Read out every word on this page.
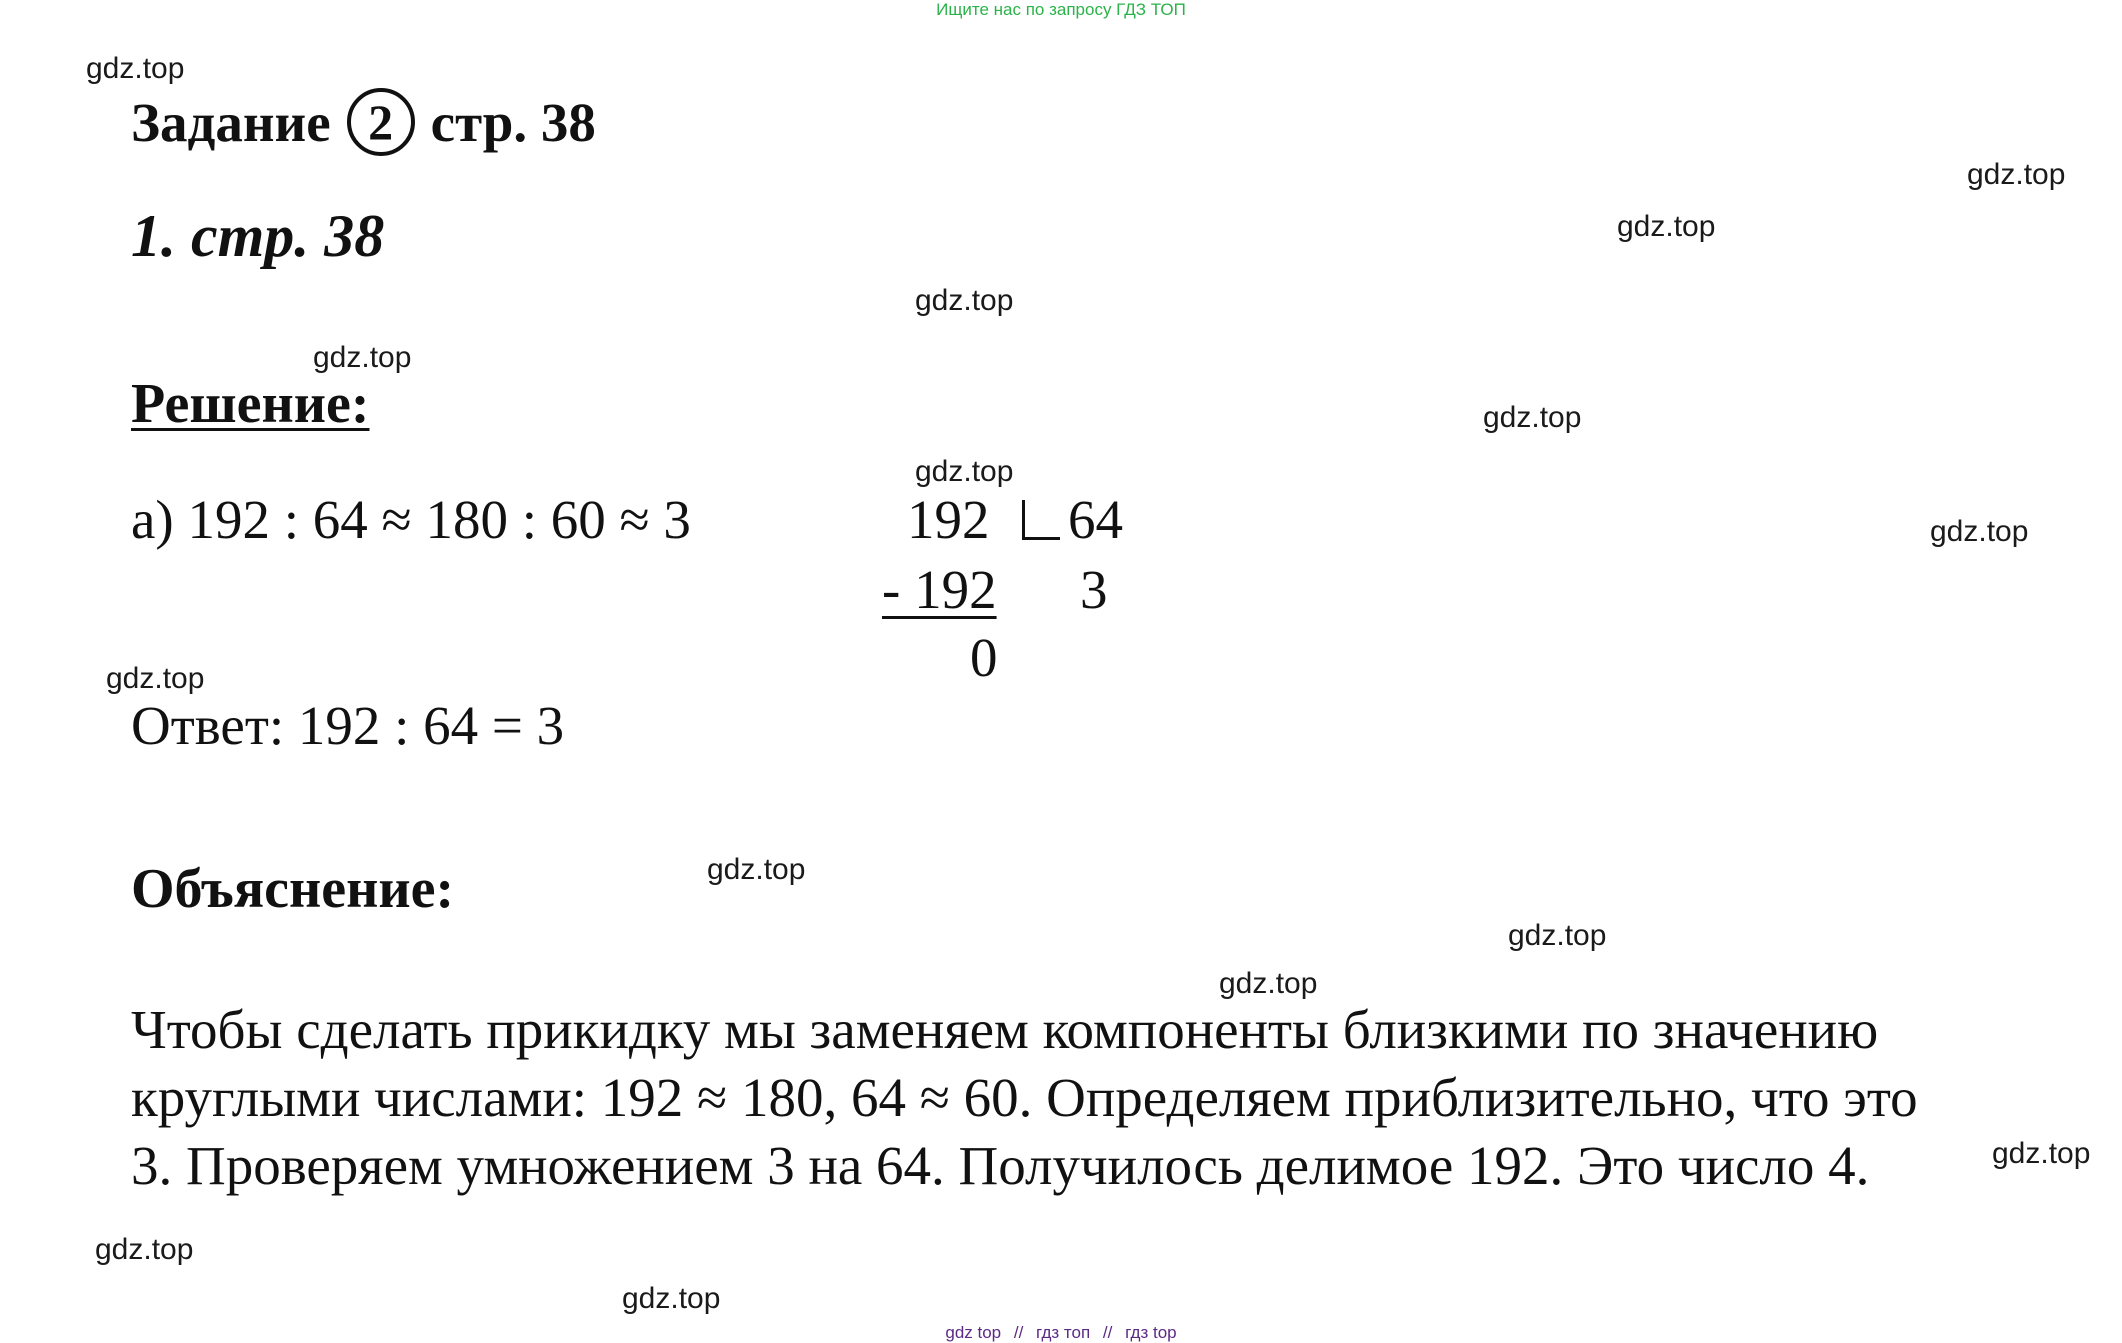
Ищите нас по запросу ГДЗ ТОП
Задание 2 стр. 38
1. стр. 38
Решение:
а) 192 : 64 ≈ 180 : 60 ≈ 3	192 64
- 192 3
0
Ответ: 192 : 64 = 3
Объяснение:
Чтобы сделать прикидку мы заменяем компоненты близкими по значению
круглыми числами: 192 ≈ 180, 64 ≈ 60. Определяем приблизительно, что это
3. Проверяем умножением 3 на 64. Получилось делимое 192. Это число 4.
gdz.top
gdz.top
gdz.top
gdz.top
gdz.top
gdz.top
gdz.top
gdz.top
gdz.top
gdz.top
gdz.top
gdz.top
gdz.top
gdz.top
gdz.top
gdz top // гдз топ // гдз top
